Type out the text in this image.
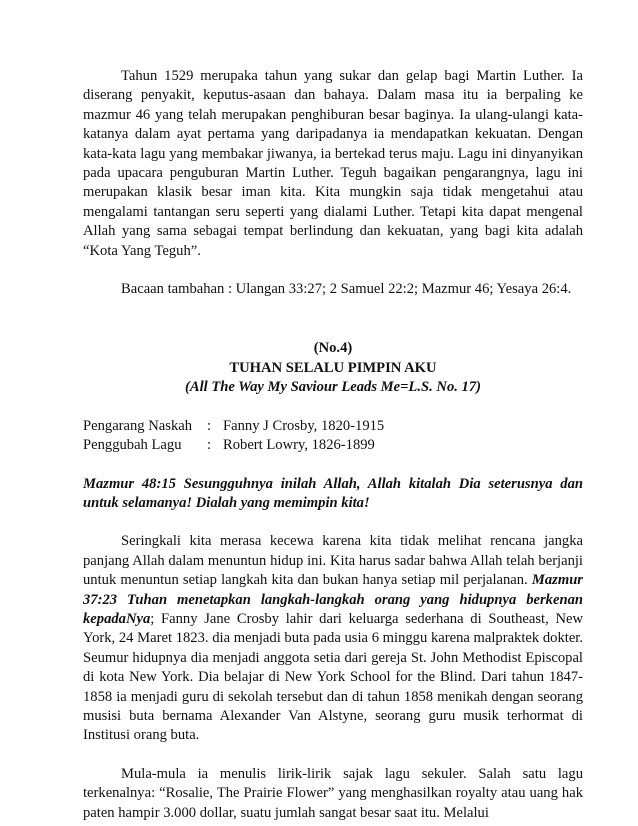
Tahun 1529 merupaka tahun yang sukar dan gelap bagi Martin Luther. Ia diserang penyakit, keputus-asaan dan bahaya. Dalam masa itu ia berpaling ke mazmur 46 yang telah merupakan penghiburan besar baginya. Ia ulang-ulangi kata-katanya dalam ayat pertama yang daripadanya ia mendapatkan kekuatan. Dengan kata-kata lagu yang membakar jiwanya, ia bertekad terus maju. Lagu ini dinyanyikan pada upacara penguburan Martin Luther. Teguh bagaikan pengarangnya, lagu ini merupakan klasik besar iman kita. Kita mungkin saja tidak mengetahui atau mengalami tantangan seru seperti yang dialami Luther. Tetapi kita dapat mengenal Allah yang sama sebagai tempat berlindung dan kekuatan, yang bagi kita adalah “Kota Yang Teguh”.

Bacaan tambahan : Ulangan 33:27; 2 Samuel 22:2; Mazmur 46; Yesaya 26:4.

(No.4)
TUHAN SELALU PIMPIN AKU
(All The Way My Saviour Leads Me=L.S. No. 17)
Pengarang Naskah	: Fanny J Crosby, 1820-1915
Penggubah Lagu	: Robert Lowry, 1826-1899

Mazmur 48:15 Sesungguhnya inilah Allah, Allah kitalah Dia seterusnya dan untuk selamanya! Dialah yang memimpin kita!

Seringkali kita merasa kecewa karena kita tidak melihat rencana jangka panjang Allah dalam menuntun hidup ini. Kita harus sadar bahwa Allah telah berjanji untuk menuntun setiap langkah kita dan bukan hanya setiap mil perjalanan. Mazmur 37:23 Tuhan menetapkan langkah-langkah orang yang hidupnya berkenan kepadaNya; Fanny Jane Crosby lahir dari keluarga sederhana di Southeast, New York, 24 Maret 1823. dia menjadi buta pada usia 6 minggu karena malpraktek dokter. Seumur hidupnya dia menjadi anggota setia dari gereja St. John Methodist Episcopal di kota New York. Dia belajar di New York School for the Blind. Dari tahun 1847-1858 ia menjadi guru di sekolah tersebut dan di tahun 1858 menikah dengan seorang musisi buta bernama Alexander Van Alstyne, seorang guru musik terhormat di Institusi orang buta.

Mula-mula ia menulis lirik-lirik sajak lagu sekuler. Salah satu lagu terkenalnya: “Rosalie, The Prairie Flower” yang menghasilkan royalty atau uang hak paten hampir 3.000 dollar, suatu jumlah sangat besar saat itu. Melalui
